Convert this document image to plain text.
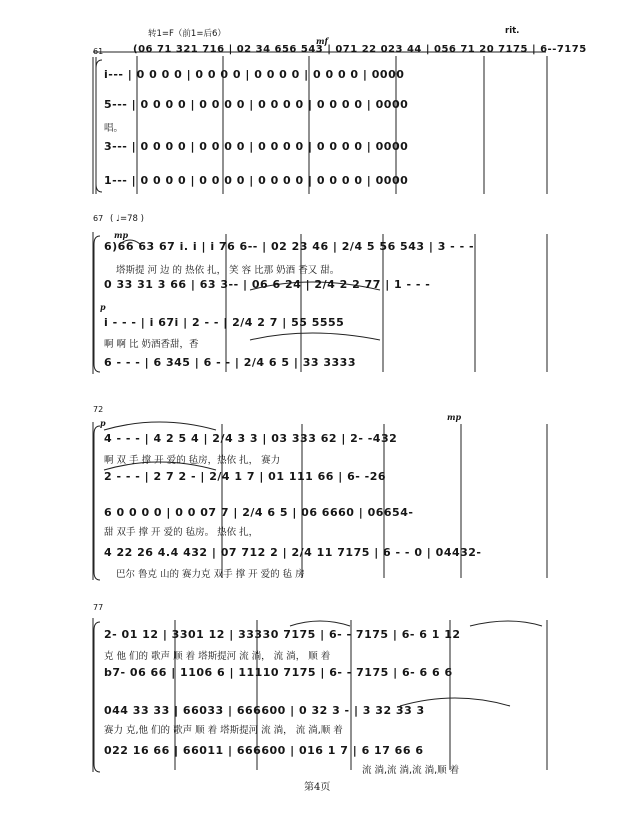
61
转1=F（前1=后6）
mf
rit.
(06 71 321 716 | 02 34 656 543 | 071 22 023 44 | 056 71 20 7175 | 6--7175
i--- | 0 0 0 0 | 0 0 0 0 | 0 0 0 0 | 0 0 0 0 | 0000
5--- | 0 0 0 0 | 0 0 0 0 | 0 0 0 0 | 0 0 0 0 | 0000
唱。
3--- | 0 0 0 0 | 0 0 0 0 | 0 0 0 0 | 0 0 0 0 | 0000
1--- | 0 0 0 0 | 0 0 0 0 | 0 0 0 0 | 0 0 0 0 | 0000
67 ( ♩=78 )
mp
6)66 63 67 i. i | i 76 6-- | 02 23 46 | 2/4 5 56 543 | 3 - - -
塔斯提 河 边 的 热依 扎， 笑 容 比那 奶酒 香又 甜。
0 33 31 3 66 | 63 3-- | 06 6 24 | 2/4 2 2 77 | 1 - - -
p
i - - - | i 67i | 2 - - | 2/4 2 7 | 55 5555
啊 啊 比 奶酒香甜，香
6 - - - | 6 345 | 6 - - | 2/4 6 5 | 33 3333
72
p
mp
4 - - - | 4 2 5 4 | 2/4 3 3 | 03 333 62 | 2- -432
啊 双 手 撑 开 爱的 毡房，热依 扎， 赛力
2 - - - | 2 7 2 - | 2/4 1 7 | 01 111 66 | 6- -26
6 0 0 0 0 | 0 0 07 7 | 2/4 6 5 | 06 6660 | 06654-
甜 双手 撑 开 爱的 毡房。 热依 扎，
4 22 26 4.4 432 | 07 712 2 | 2/4 11 7175 | 6 - - 0 | 04432-
巴尔 鲁克 山的 赛力克 双手 撑 开 爱的 毡 房
77
2- 01 12 | 3301 12 | 33330 7175 | 6- - 7175 | 6- 6 1 12
克 他 们的 歌声 顺 着 塔斯提河 流 淌， 流 淌， 顺 着
b7- 06 66 | 1106 6 | 11110 7175 | 6- - 7175 | 6- 6 6 6
044 33 33 | 66033 | 666600 | 0 32 3 - | 3 32 33 3
赛力 克,他 们的 歌声 顺 着 塔斯提河 流 淌， 流 淌,顺 着
022 16 66 | 66011 | 666600 | 016 1 7 | 6 17 66 6
流 淌,流 淌,流 淌,顺 着
第4页
